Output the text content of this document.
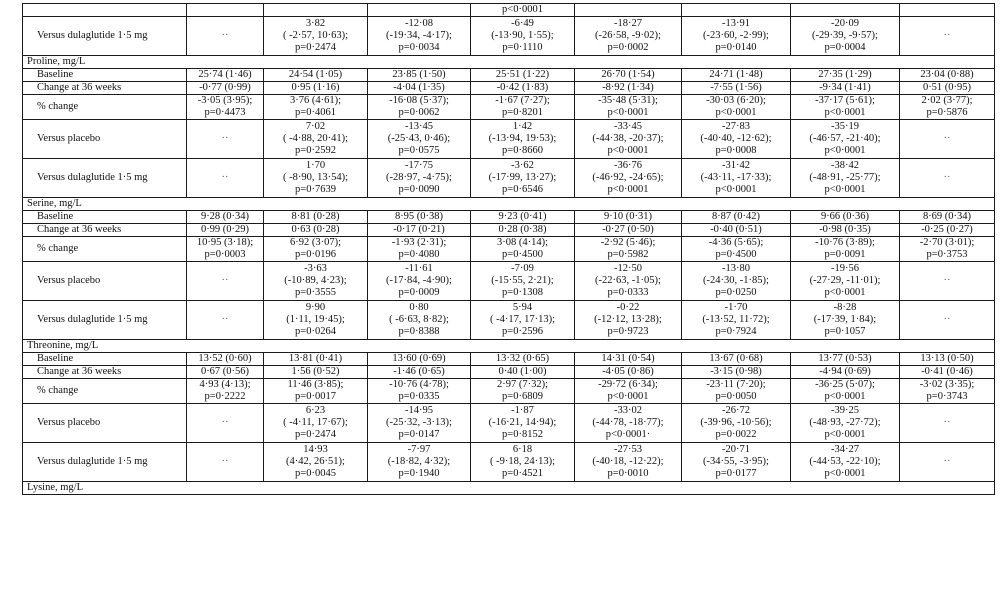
				p<0·0001				
Versus dulaglutide 1·5 mg	··	3·82
( -2·57, 10·63);
p=0·2474	-12·08
(-19·34, -4·17);
p=0·0034	-6·49
(-13·90, 1·55);
p=0·1110	-18·27
(-26·58, -9·02);
p=0·0002	-13·91
(-23·60, -2·99);
p=0·0140	-20·09
(-29·39, -9·57);
p=0·0004	··

Proline, mg/L								
Baseline	25·74 (1·46)	24·54 (1·05)	23·85 (1·50)	25·51 (1·22)	26·70 (1·54)	24·71 (1·48)	27·35 (1·29)	23·04 (0·88)

Change at 36 weeks	-0·77 (0·99)	0·95 (1·16)	-4·04 (1·35)	-0·42 (1·83)	-8·92 (1·34)	-7·55 (1·56)	-9·34 (1·41)	0·51 (0·95)

% change	-3·05 (3·95);
p=0·4473	3·76 (4·61);
p=0·4061	-16·08 (5·37);
p=0·0062	-1·67 (7·27);
p=0·8201	-35·48 (5·31);
p<0·0001	-30·03 (6·20);
p<0·0001	-37·17 (5·61);
p<0·0001	2·02 (3·77);
p=0·5876

Versus placebo	··	7·02
( -4·88, 20·41);
p=0·2592	-13·45
(-25·43, 0·46);
p=0·0575	1·42
(-13·94, 19·53);
p=0·8660	-33·45
(-44·38, -20·37);
p<0·0001	-27·83
(-40·40, -12·62);
p=0·0008	-35·19
(-46·57, -21·40);
p<0·0001	··

Versus dulaglutide 1·5 mg	··	1·70
( -8·90, 13·54);
p=0·7639	-17·75
(-28·97, -4·75);
p=0·0090	-3·62
(-17·99, 13·27);
p=0·6546	-36·76
(-46·92, -24·65);
p<0·0001	-31·42
(-43·11, -17·33);
p<0·0001	-38·42
(-48·91, -25·77);
p<0·0001	··

Serine, mg/L								
Baseline	9·28 (0·34)	8·81 (0·28)	8·95 (0·38)	9·23 (0·41)	9·10 (0·31)	8·87 (0·42)	9·66 (0·36)	8·69 (0·34)

Change at 36 weeks	0·99 (0·29)	0·63 (0·28)	-0·17 (0·21)	0·28 (0·38)	-0·27 (0·50)	-0·40 (0·51)	-0·98 (0·35)	-0·25 (0·27)

% change	10·95 (3·18);
p=0·0003	6·92 (3·07);
p=0·0196	-1·93 (2·31);
p=0·4080	3·08 (4·14);
p=0·4500	-2·92 (5·46);
p=0·5982	-4·36 (5·65);
p=0·4500	-10·76 (3·89);
p=0·0091	-2·70 (3·01);
p=0·3753

Versus placebo	··	-3·63
(-10·89, 4·23);
p=0·3555	-11·61
(-17·84, -4·90);
p=0·0009	-7·09
(-15·55, 2·21);
p=0·1308	-12·50
(-22·63, -1·05);
p=0·0333	-13·80
(-24·30, -1·85);
p=0·0250	-19·56
(-27·29, -11·01);
p<0·0001	··

Versus dulaglutide 1·5 mg	··	9·90
(1·11, 19·45);
p=0·0264	0·80
( -6·63, 8·82);
p=0·8388	5·94
( -4·17, 17·13);
p=0·2596	-0·22
(-12·12, 13·28);
p=0·9723	-1·70
(-13·52, 11·72);
p=0·7924	-8·28
(-17·39, 1·84);
p=0·1057	··

Threonine, mg/L								
Baseline	13·52 (0·60)	13·81 (0·41)	13·60 (0·69)	13·32 (0·65)	14·31 (0·54)	13·67 (0·68)	13·77 (0·53)	13·13 (0·50)

Change at 36 weeks	0·67 (0·56)	1·56 (0·52)	-1·46 (0·65)	0·40 (1·00)	-4·05 (0·86)	-3·15 (0·98)	-4·94 (0·69)	-0·41 (0·46)

% change	4·93 (4·13);
p=0·2222	11·46 (3·85);
p=0·0017	-10·76 (4·78);
p=0·0335	2·97 (7·32);
p=0·6809	-29·72 (6·34);
p<0·0001	-23·11 (7·20);
p=0·0050	-36·25 (5·07);
p<0·0001	-3·02 (3·35);
p=0·3743

Versus placebo	··	6·23
( -4·11, 17·67);
p=0·2474	-14·95
(-25·32, -3·13);
p=0·0147	-1·87
(-16·21, 14·94);
p=0·8152	-33·02
(-44·78, -18·77);
p<0·0001·	-26·72
(-39·96, -10·56);
p=0·0022	-39·25
(-48·93, -27·72);
p<0·0001	··

Versus dulaglutide 1·5 mg	··	14·93
(4·42, 26·51);
p=0·0045	-7·97
(-18·82, 4·32);
p=0·1940	6·18
( -9·18, 24·13);
p=0·4521	-27·53
(-40·18, -12·22);
p=0·0010	-20·71
(-34·55, -3·95);
p=0·0177	-34·27
(-44·53, -22·10);
p<0·0001	··

Lysine, mg/L								
